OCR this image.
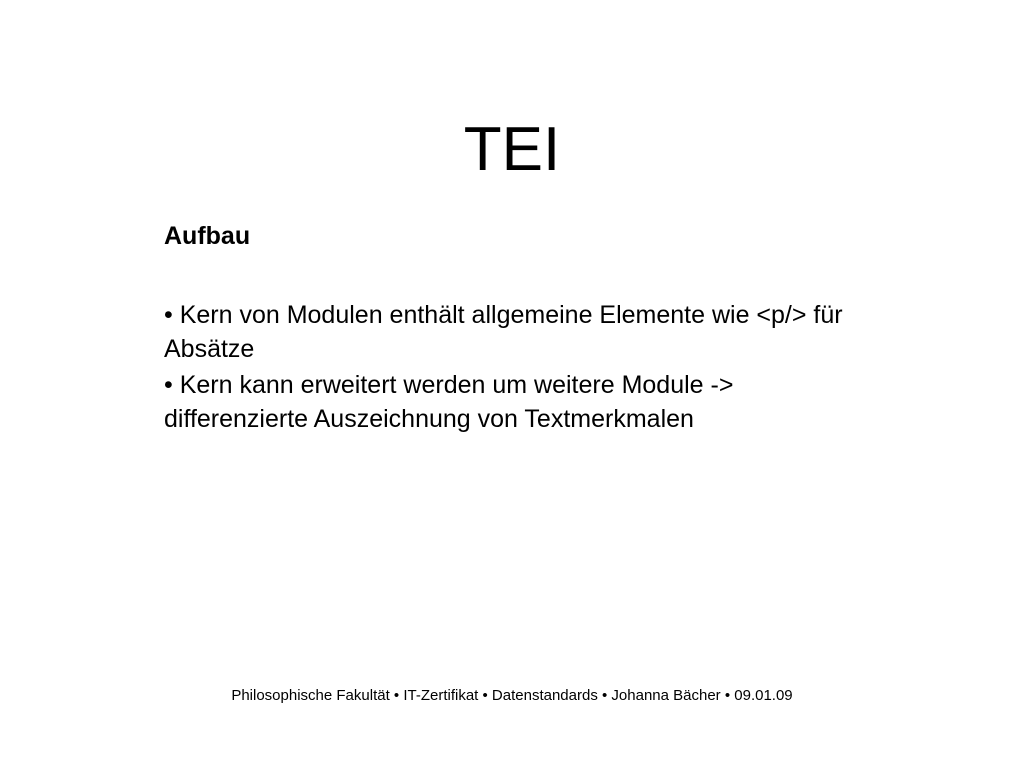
TEI
Aufbau
• Kern von Modulen enthält allgemeine Elemente wie <p/> für Absätze
• Kern kann erweitert werden um weitere Module -> differenzierte Auszeichnung von Textmerkmalen
Philosophische Fakultät • IT-Zertifikat • Datenstandards • Johanna Bächer • 09.01.09
